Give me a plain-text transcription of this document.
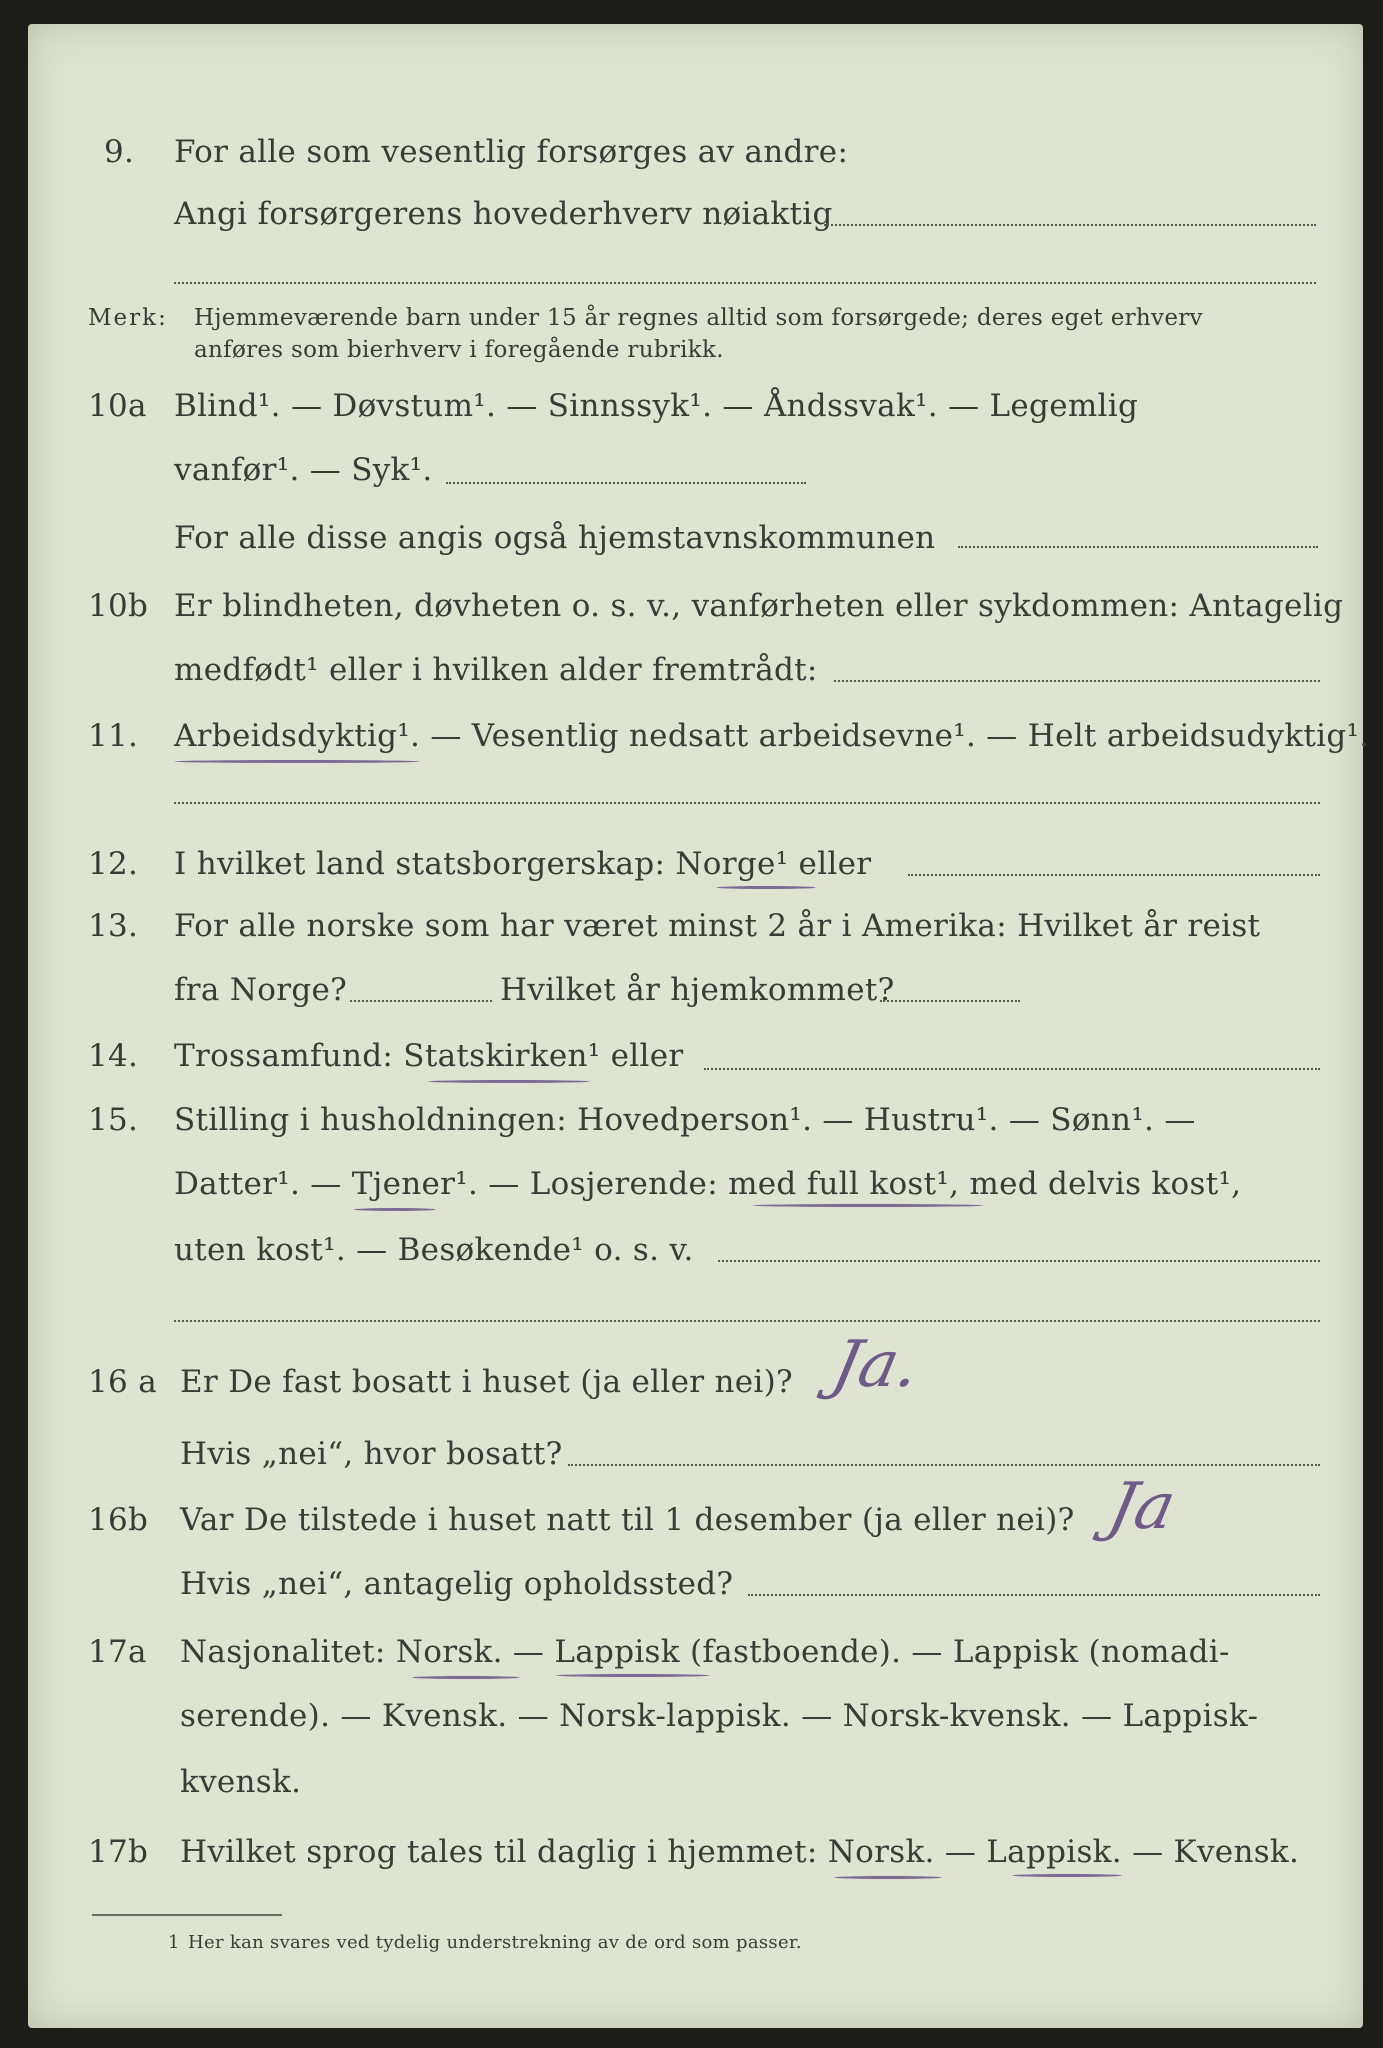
9. For alle som vesentlig forsørges av andre:
Angi forsørgerens hovederhverv nøiaktig
Merk: Hjemmeværende barn under 15 år regnes alltid som forsørgede; deres eget erhverv
anføres som bierhverv i foregående rubrikk.
10a Blind¹. — Døvstum¹. — Sinnssyk¹. — Åndssvak¹. — Legemlig
vanfør¹. — Syk¹.
For alle disse angis også hjemstavnskommunen
10b Er blindheten, døvheten o. s. v., vanførheten eller sykdommen: Antagelig
medfødt¹ eller i hvilken alder fremtrådt:
11. Arbeidsdyktig¹. — Vesentlig nedsatt arbeidsevne¹. — Helt arbeidsudyktig¹.
12. I hvilket land statsborgerskap: Norge¹ eller
13. For alle norske som har været minst 2 år i Amerika: Hvilket år reist
fra Norge?	Hvilket år hjemkommet?
14. Trossamfund: Statskirken¹ eller
15. Stilling i husholdningen: Hovedperson¹. — Hustru¹. — Sønn¹. —
Datter¹. — Tjener¹. — Losjerende: med full kost¹, med delvis kost¹,
uten kost¹. — Besøkende¹ o. s. v.
16 a Er De fast bosatt i huset (ja eller nei)? Ja.
Hvis „nei“, hvor bosatt?
16b Var De tilstede i huset natt til 1 desember (ja eller nei)? Ja
Hvis „nei“, antagelig opholdssted?
17a Nasjonalitet: Norsk. — Lappisk (fastboende). — Lappisk (nomadi-
serende). — Kvensk. — Norsk-lappisk. — Norsk-kvensk. — Lappisk-
kvensk.
17b Hvilket sprog tales til daglig i hjemmet: Norsk. — Lappisk. — Kvensk.
1 Her kan svares ved tydelig understrekning av de ord som passer.
